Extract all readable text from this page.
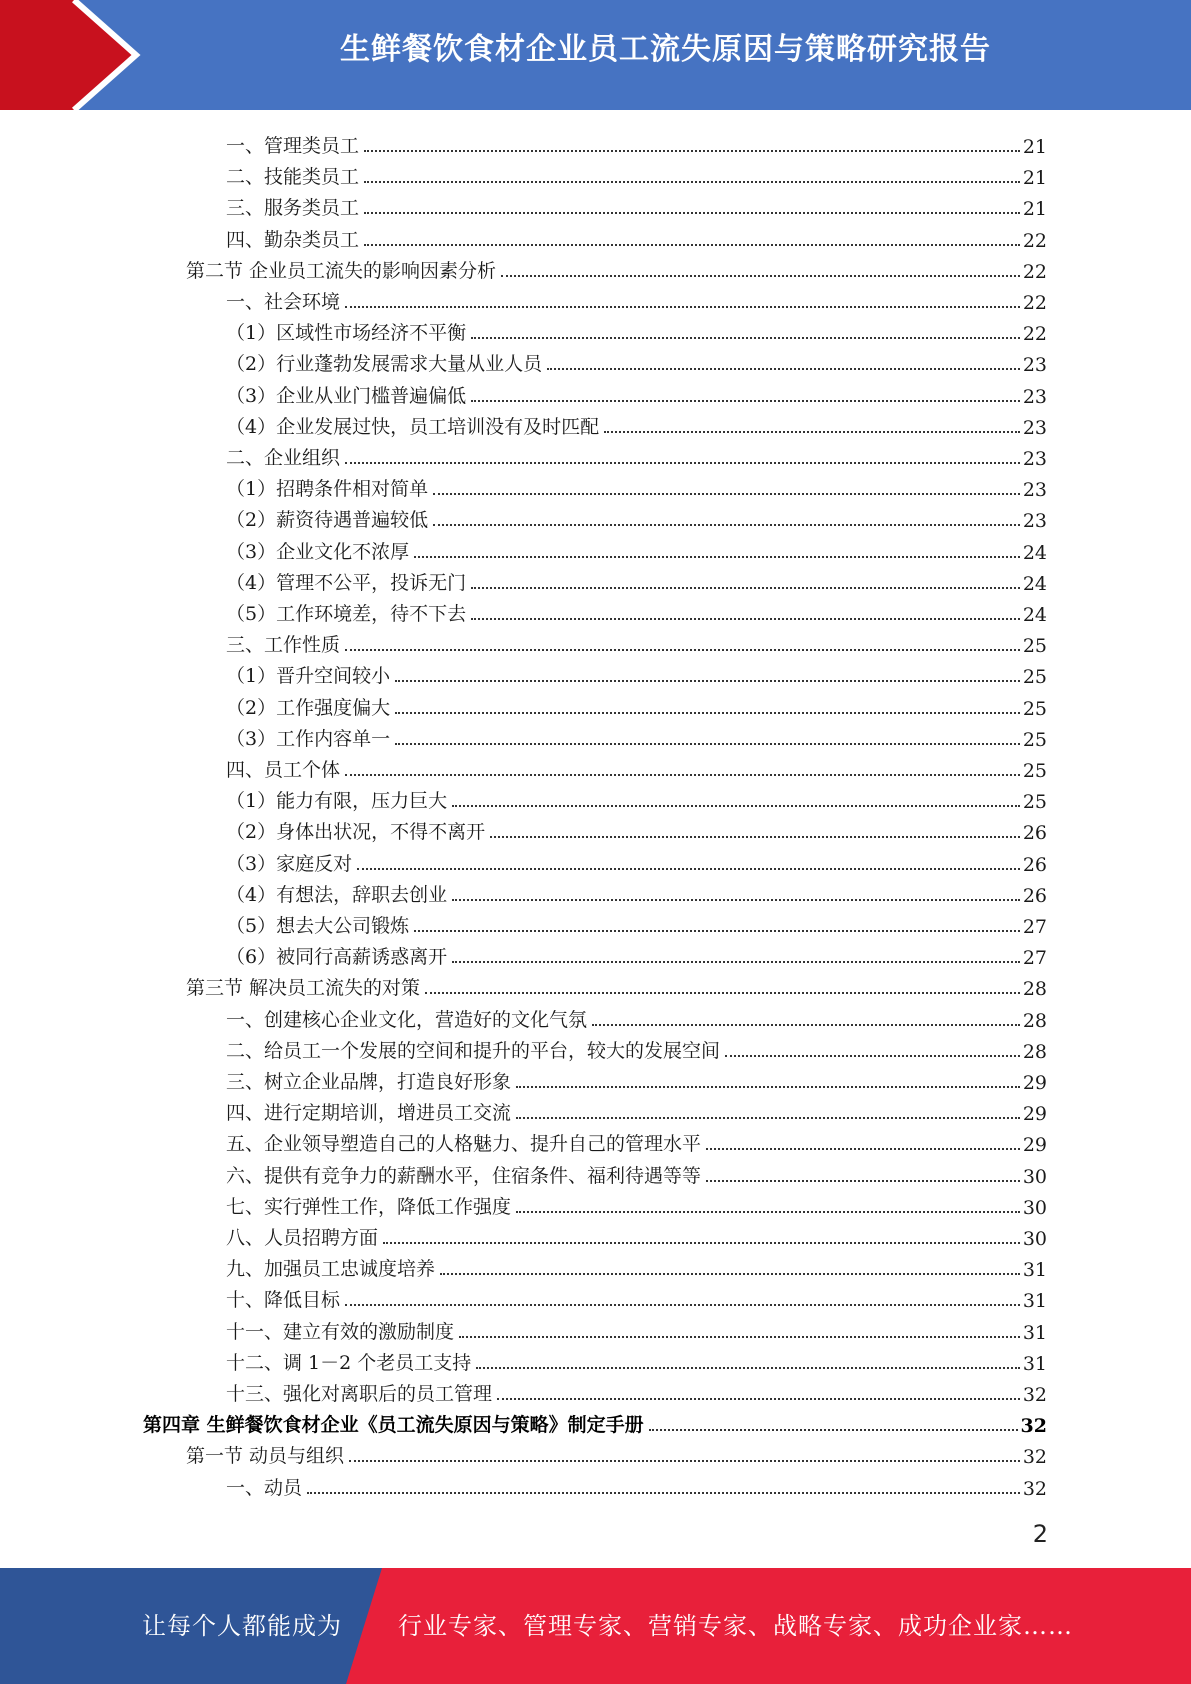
生鲜餐饮食材企业员工流失原因与策略研究报告
一、管理类员工	21
二、技能类员工	21
三、服务类员工	21
四、勤杂类员工	22
第二节 企业员工流失的影响因素分析	22
一、社会环境	22
（1）区域性市场经济不平衡	22
（2）行业蓬勃发展需求大量从业人员	23
（3）企业从业门槛普遍偏低	23
（4）企业发展过快，员工培训没有及时匹配	23
二、企业组织	23
（1）招聘条件相对简单	23
（2）薪资待遇普遍较低	23
（3）企业文化不浓厚	24
（4）管理不公平，投诉无门	24
（5）工作环境差，待不下去	24
三、工作性质	25
（1）晋升空间较小	25
（2）工作强度偏大	25
（3）工作内容单一	25
四、员工个体	25
（1）能力有限，压力巨大	25
（2）身体出状况，不得不离开	26
（3）家庭反对	26
（4）有想法，辞职去创业	26
（5）想去大公司锻炼	27
（6）被同行高薪诱惑离开	27
第三节 解决员工流失的对策	28
一、创建核心企业文化，营造好的文化气氛	28
二、给员工一个发展的空间和提升的平台，较大的发展空间	28
三、树立企业品牌，打造良好形象	29
四、进行定期培训，增进员工交流	29
五、企业领导塑造自己的人格魅力、提升自己的管理水平	29
六、提供有竞争力的薪酬水平，住宿条件、福利待遇等等	30
七、实行弹性工作，降低工作强度	30
八、人员招聘方面	30
九、加强员工忠诚度培养	31
十、降低目标	31
十一、建立有效的激励制度	31
十二、调 1－2 个老员工支持	31
十三、强化对离职后的员工管理	32
第四章 生鲜餐饮食材企业《员工流失原因与策略》制定手册	32
第一节 动员与组织	32
一、动员	32
2
让每个人都能成为 行业专家、管理专家、营销专家、战略专家、成功企业家……
